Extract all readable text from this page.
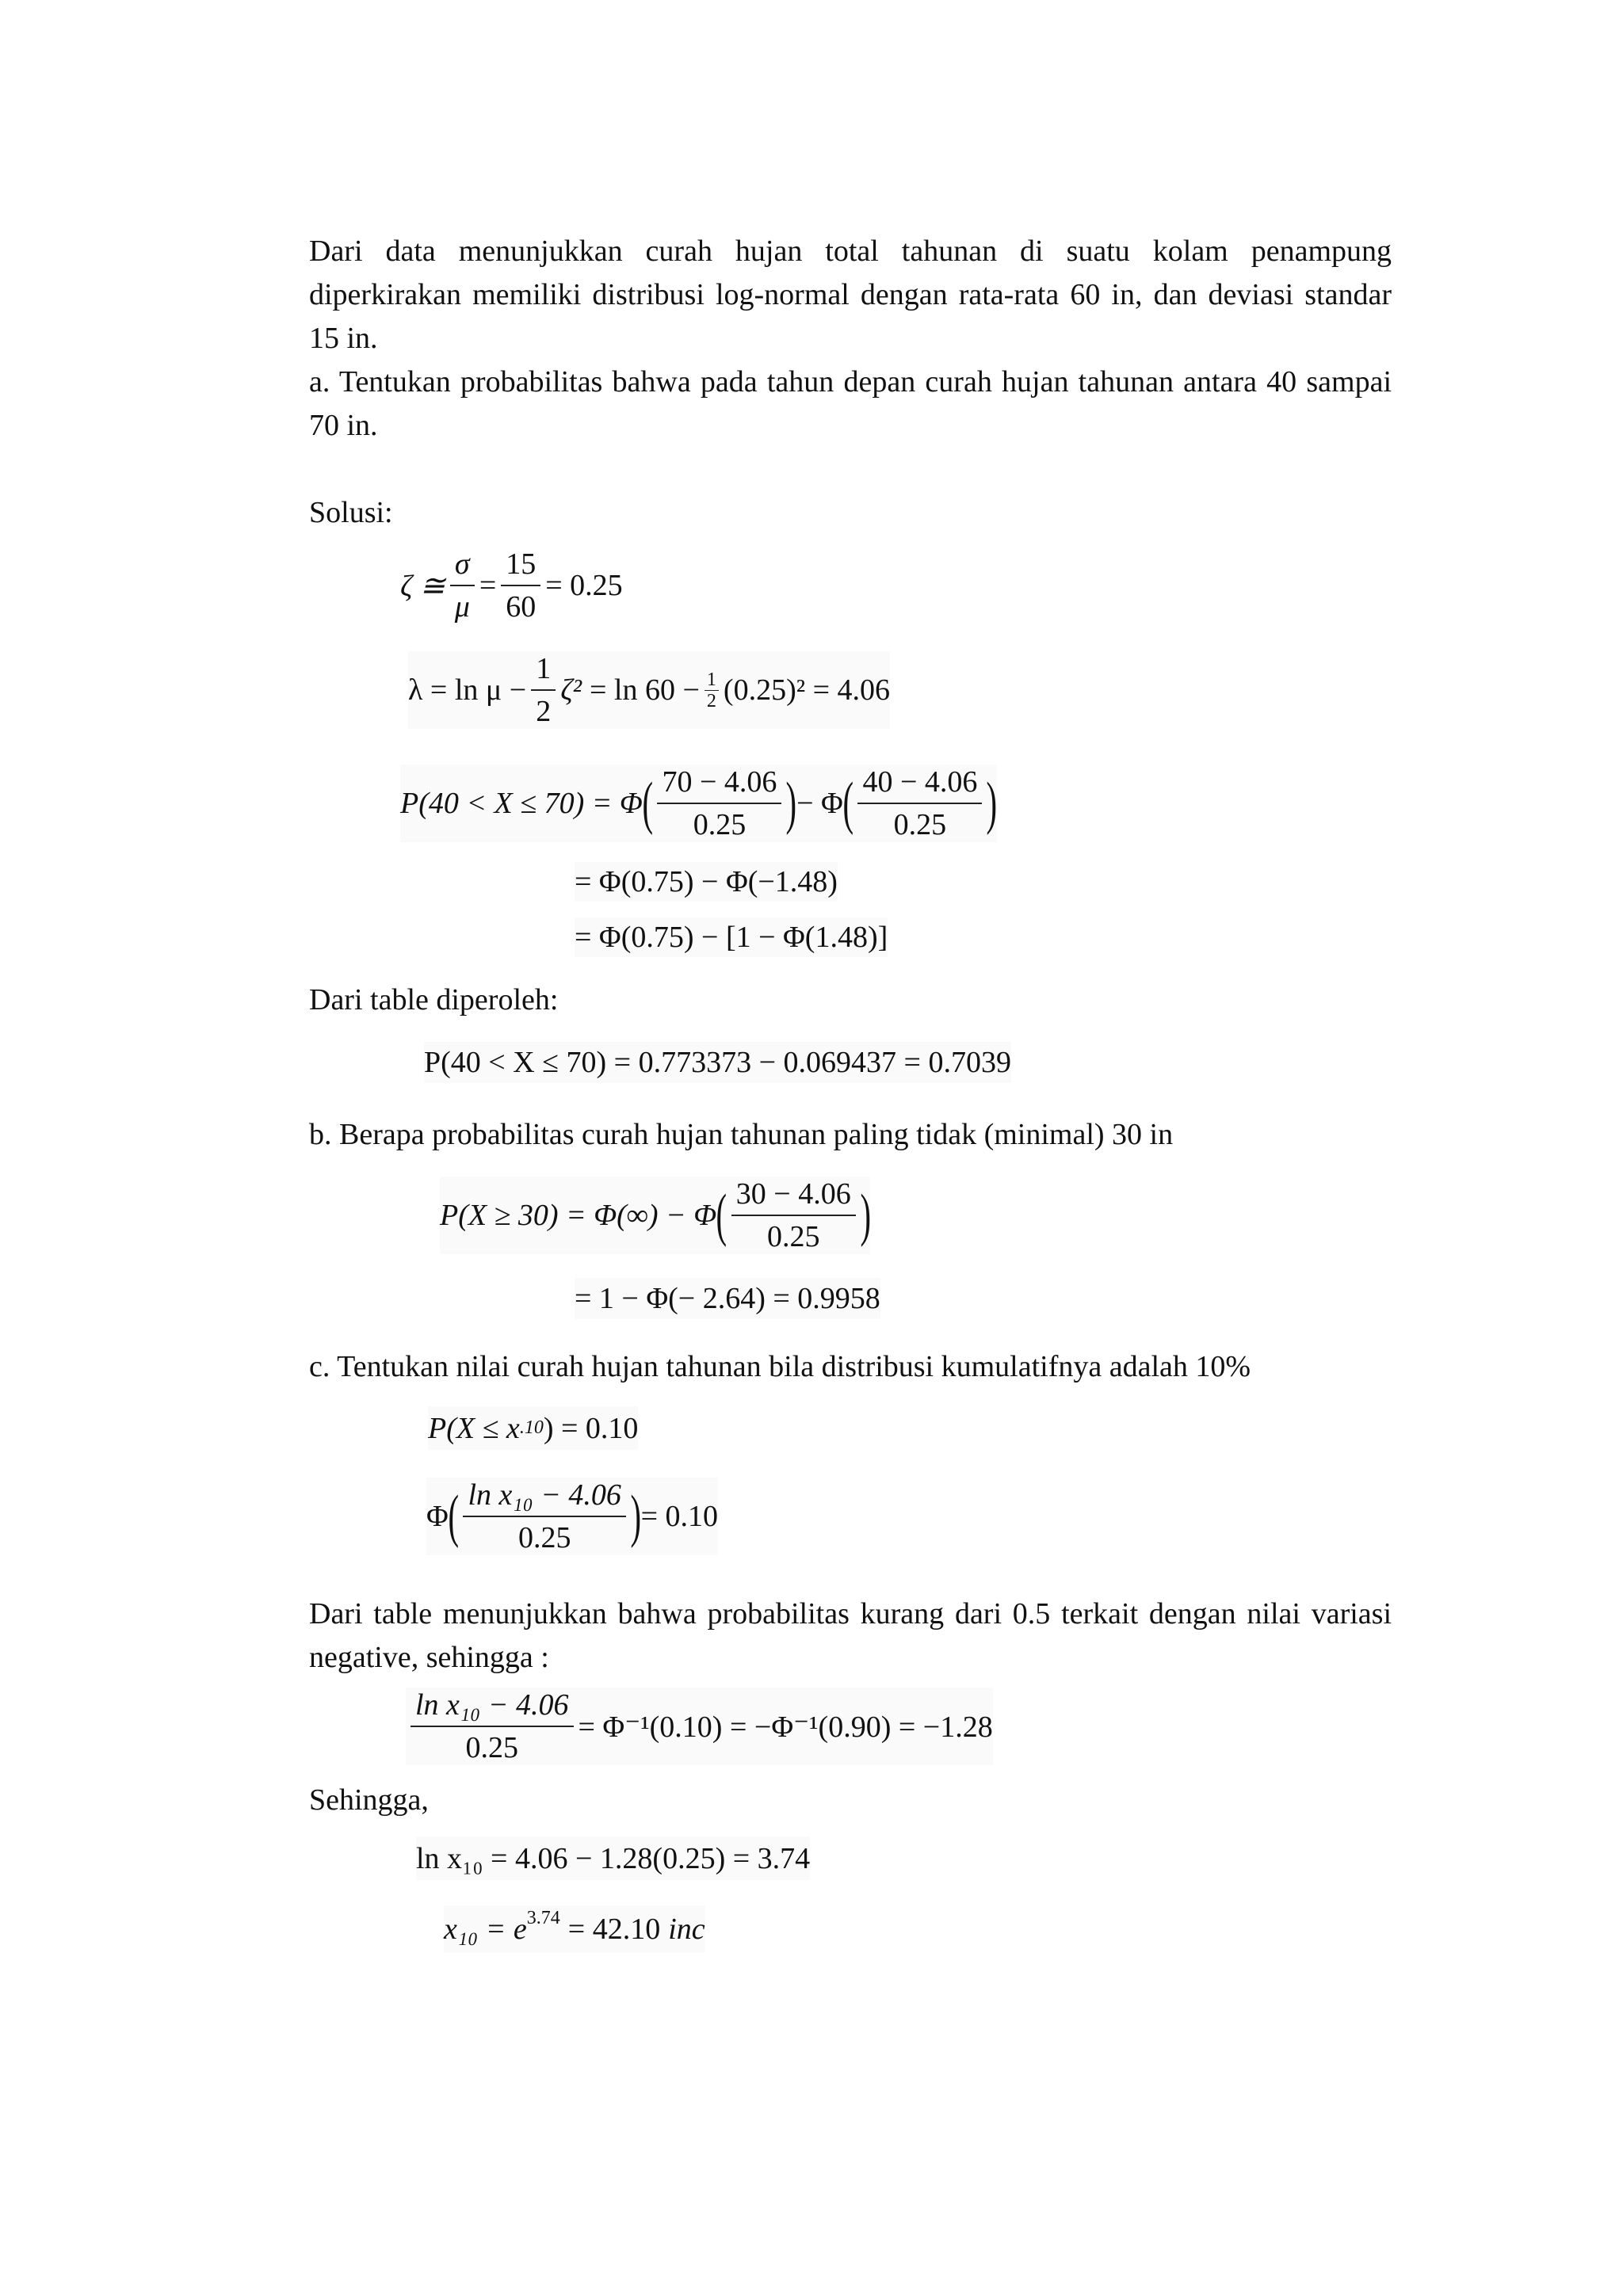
Dari data menunjukkan curah hujan total tahunan di suatu kolam penampung diperkirakan memiliki distribusi log-normal dengan rata-rata 60 in, dan deviasi standar 15 in.
a. Tentukan probabilitas bahwa pada tahun depan curah hujan tahunan antara 40 sampai 70 in.
Solusi:
ζ ≅ $\frac{\sigma}{\mu} = \frac{15}{60} = 0.25$
$\lambda = \ln \mu - \frac{1}{2} \zeta^2 = \ln 60 - \frac{1}{2} (0.25)^2 = 4.06$
P(40 < X ≤ 70) = Φ ( $\frac{70 - 4.06}{0.25}$ ) − Φ ( $\frac{40 - 4.06}{0.25}$ )
= Φ(0.75) − Φ(−1.48)
= Φ(0.75) − [1 − Φ(1.48)]
Dari table diperoleh:
P(40 < X ≤ 70) = 0.773373 − 0.069437 = 0.7039
b. Berapa probabilitas curah hujan tahunan paling tidak (minimal) 30 in
P(X ≥ 30) = Φ(∞) − Φ ( $\frac{30 - 4.06}{0.25}$ )
= 1 − Φ(− 2.64) = 0.9958
c. Tentukan nilai curah hujan tahunan bila distribusi kumulatifnya adalah 10%
P(X ≤ x .10 ) = 0.10
Φ ( $\frac{\text{ln x₁₀ − 4.06}}{0.25}$ ) = 0.10
Dari table menunjukkan bahwa probabilitas kurang dari 0.5 terkait dengan nilai variasi negative, sehingga :
$\frac{\text{ln x₁₀ − 4.06}}{0.25} = \Phi^{-1}(0.10) = -\Phi^{-1}(0.90) = -1.28$
Sehingga,
ln x₁₀ = 4.06 − 1.28(0.25) = 3.74
$x_{10} = e^{3.74} = 42.10$ inc
